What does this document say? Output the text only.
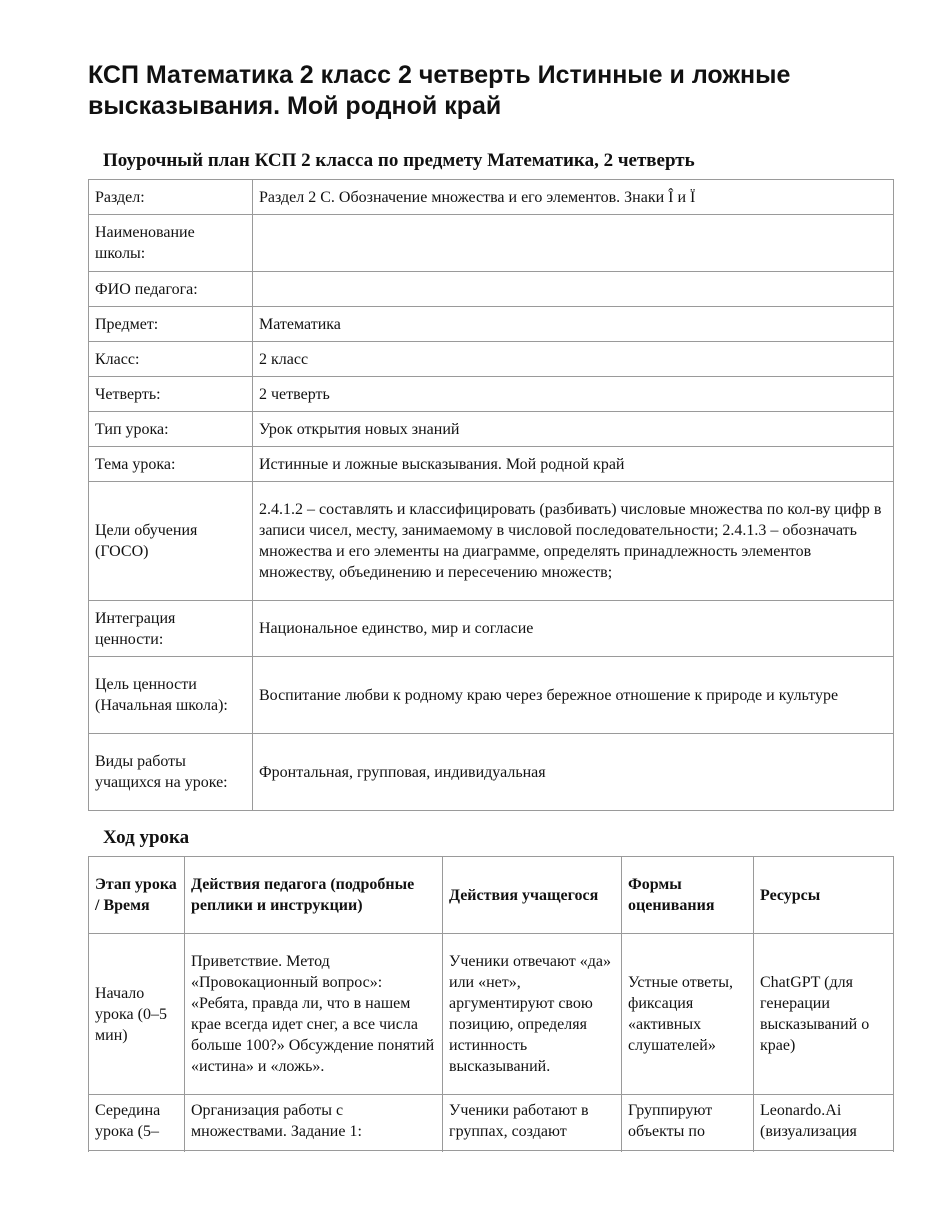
КСП Математика 2 класс 2 четверть Истинные и ложные высказывания. Мой родной край
Поурочный план КСП 2 класса по предмету Математика, 2 четверть
Раздел:	Раздел 2 С. Обозначение множества и его элементов. Знаки Î и Ï
Наименование школы:	
ФИО педагога:	
Предмет:	Математика
Класс:	2 класс
Четверть:	2 четверть
Тип урока:	Урок открытия новых знаний
Тема урока:	Истинные и ложные высказывания. Мой родной край
Цели обучения (ГОСО)	2.4.1.2 – составлять и классифицировать (разбивать) числовые множества по кол-ву цифр в записи чисел, месту, занимаемому в числовой последовательности; 2.4.1.3 – обозначать множества и его элементы на диаграмме, определять принадлежность элементов множеству, объединению и пересечению множеств;
Интеграция ценности:	Национальное единство, мир и согласие
Цель ценности (Начальная школа):	Воспитание любви к родному краю через бережное отношение к природе и культуре
Виды работы учащихся на уроке:	Фронтальная, групповая, индивидуальная
Ход урока
Этап урока / Время	Действия педагога (подробные реплики и инструкции)	Действия учащегося	Формы оценивания	Ресурсы
Начало урока (0–5 мин)	Приветствие. Метод «Провокационный вопрос»: «Ребята, правда ли, что в нашем крае всегда идет снег, а все числа больше 100?» Обсуждение понятий «истина» и «ложь».	Ученики отвечают «да» или «нет», аргументируют свою позицию, определяя истинность высказываний.	Устные ответы, фиксация «активных слушателей»	ChatGPT (для генерации высказываний о крае)
Середина урока (5–	Организация работы с множествами. Задание 1:	Ученики работают в группах, создают	Группируют объекты по	Leonardo.Ai (визуализация
